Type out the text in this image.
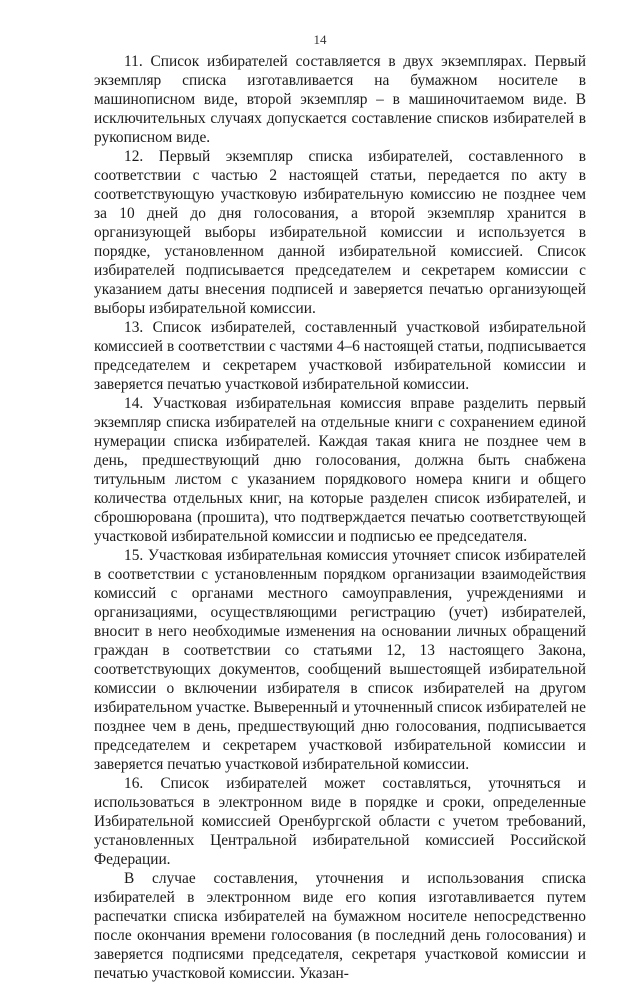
14

11. Список избирателей составляется в двух экземплярах. Первый экземпляр списка изготавливается на бумажном носителе в машинописном виде, второй экземпляр – в машиночитаемом виде. В исключительных случаях допускается составление списков избирателей в рукописном виде.

12. Первый экземпляр списка избирателей, составленного в соответствии с частью 2 настоящей статьи, передается по акту в соответствующую участковую избирательную комиссию не позднее чем за 10 дней до дня голосования, а второй экземпляр хранится в организующей выборы избирательной комиссии и используется в порядке, установленном данной избирательной комиссией. Список избирателей подписывается председателем и секретарем комиссии с указанием даты внесения подписей и заверяется печатью организующей выборы избирательной комиссии.

13. Список избирателей, составленный участковой избирательной комиссией в соответствии с частями 4–6 настоящей статьи, подписывается председателем и секретарем участковой избирательной комиссии и заверяется печатью участковой избирательной комиссии.

14. Участковая избирательная комиссия вправе разделить первый экземпляр списка избирателей на отдельные книги с сохранением единой нумерации списка избирателей. Каждая такая книга не позднее чем в день, предшествующий дню голосования, должна быть снабжена титульным листом с указанием порядкового номера книги и общего количества отдельных книг, на которые разделен список избирателей, и сброшюрована (прошита), что подтверждается печатью соответствующей участковой избирательной комиссии и подписью ее председателя.

15. Участковая избирательная комиссия уточняет список избирателей в соответствии с установленным порядком организации взаимодействия комиссий с органами местного самоуправления, учреждениями и организациями, осуществляющими регистрацию (учет) избирателей, вносит в него необходимые изменения на основании личных обращений граждан в соответствии со статьями 12, 13 настоящего Закона, соответствующих документов, сообщений вышестоящей избирательной комиссии о включении избирателя в список избирателей на другом избирательном участке. Выверенный и уточненный список избирателей не позднее чем в день, предшествующий дню голосования, подписывается председателем и секретарем участковой избирательной комиссии и заверяется печатью участковой избирательной комиссии.

16. Список избирателей может составляться, уточняться и использоваться в электронном виде в порядке и сроки, определенные Избирательной комиссией Оренбургской области с учетом требований, установленных Центральной избирательной комиссией Российской Федерации.

В случае составления, уточнения и использования списка избирателей в электронном виде его копия изготавливается путем распечатки списка избирателей на бумажном носителе непосредственно после окончания времени голосования (в последний день голосования) и заверяется подписями председателя, секретаря участковой комиссии и печатью участковой комиссии. Указан-
